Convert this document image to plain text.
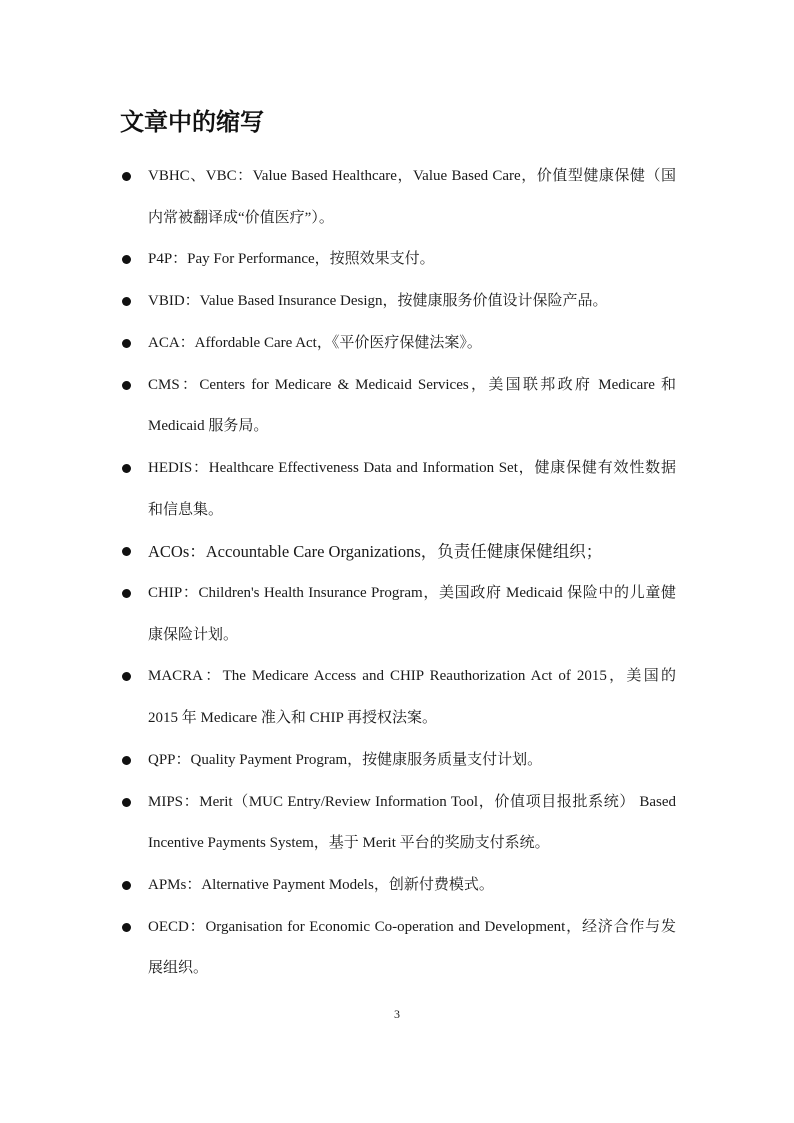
文章中的缩写
VBHC、VBC：Value Based Healthcare，Value Based Care，价值型健康保健（国内常被翻译成“价值医疗”）。
P4P：Pay For Performance，按照效果支付。
VBID：Value Based Insurance Design，按健康服务价值设计保险产品。
ACA：Affordable Care Act，《平价医疗保健法案》。
CMS：Centers for Medicare & Medicaid Services，美国联邦政府 Medicare 和 Medicaid 服务局。
HEDIS：Healthcare Effectiveness Data and Information Set，健康保健有效性数据和信息集。
ACOs：Accountable Care Organizations，负责任健康保健组织；
CHIP：Children's Health Insurance Program，美国政府 Medicaid 保险中的儿童健康保险计划。
MACRA：The Medicare Access and CHIP Reauthorization Act of 2015，美国的 2015 年 Medicare 准入和 CHIP 再授权法案。
QPP：Quality Payment Program，按健康服务质量支付计划。
MIPS：Merit（MUC Entry/Review Information Tool，价值项目报批系统） Based Incentive Payments System，基于 Merit 平台的奖励支付系统。
APMs：Alternative Payment Models，创新付费模式。
OECD：Organisation for Economic Co-operation and Development，经济合作与发展组织。
3
